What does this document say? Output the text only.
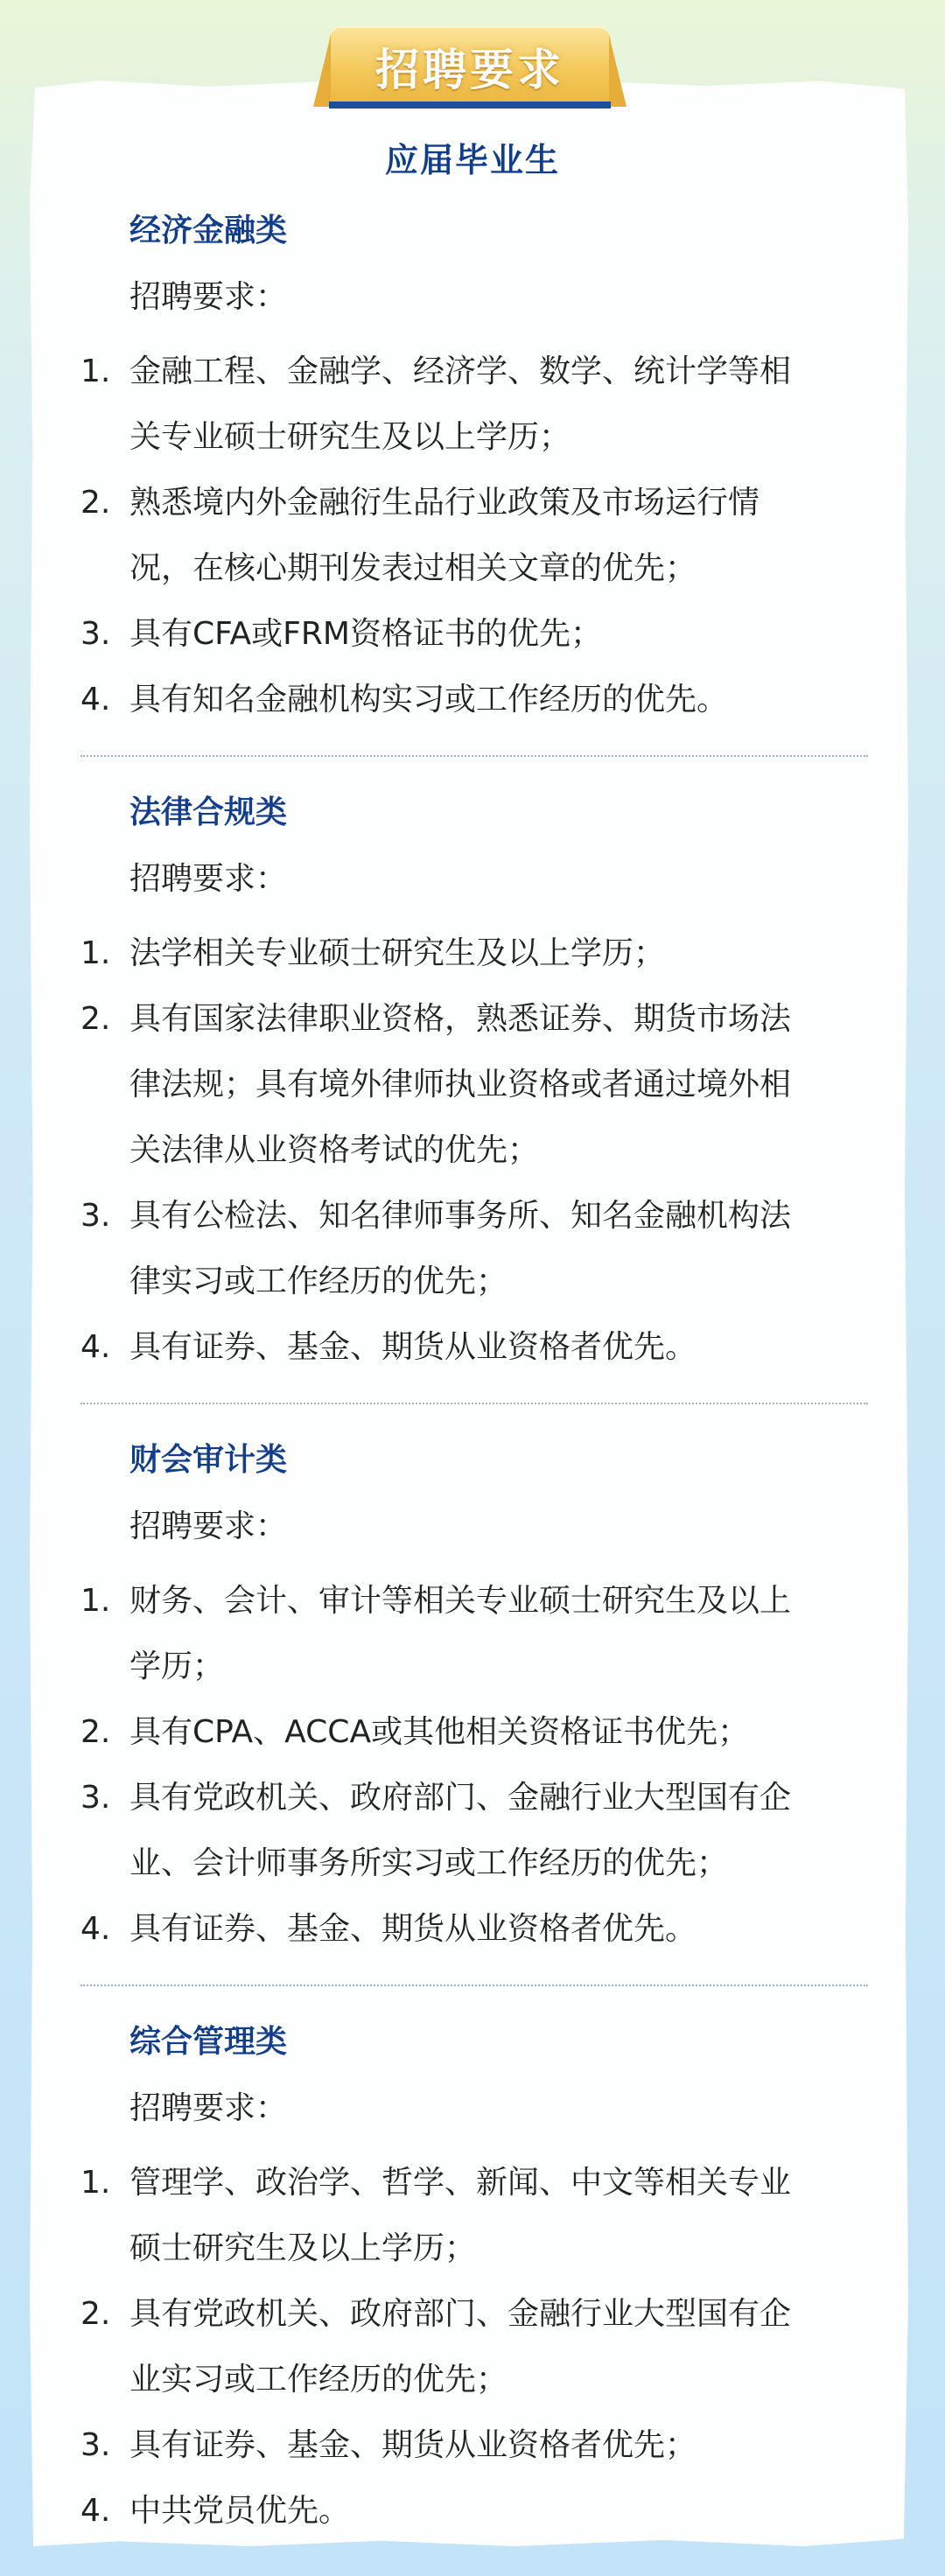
招聘要求
应届毕业生
经济金融类
招聘要求：
1. 金融工程、金融学、经济学、数学、统计学等相
关专业硕士研究生及以上学历；
2. 熟悉境内外金融衍生品行业政策及市场运行情
况，在核心期刊发表过相关文章的优先；
3. 具有CFA或FRM资格证书的优先；
4. 具有知名金融机构实习或工作经历的优先。
法律合规类
招聘要求：
1. 法学相关专业硕士研究生及以上学历；
2. 具有国家法律职业资格，熟悉证券、期货市场法
律法规；具有境外律师执业资格或者通过境外相
关法律从业资格考试的优先；
3. 具有公检法、知名律师事务所、知名金融机构法
律实习或工作经历的优先；
4. 具有证券、基金、期货从业资格者优先。
财会审计类
招聘要求：
1. 财务、会计、审计等相关专业硕士研究生及以上
学历；
2. 具有CPA、ACCA或其他相关资格证书优先；
3. 具有党政机关、政府部门、金融行业大型国有企
业、会计师事务所实习或工作经历的优先；
4. 具有证券、基金、期货从业资格者优先。
综合管理类
招聘要求：
1. 管理学、政治学、哲学、新闻、中文等相关专业
硕士研究生及以上学历；
2. 具有党政机关、政府部门、金融行业大型国有企
业实习或工作经历的优先；
3. 具有证券、基金、期货从业资格者优先；
4. 中共党员优先。
